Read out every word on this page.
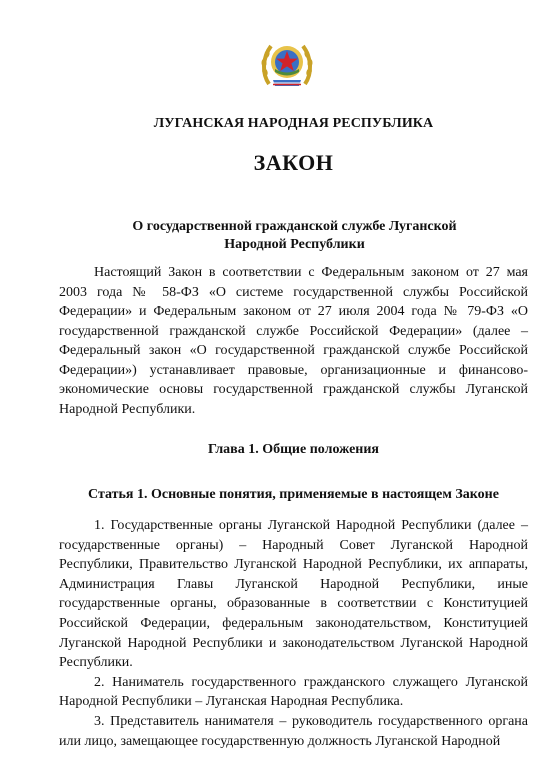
ЛУГАНСКАЯ НАРОДНАЯ РЕСПУБЛИКА
ЗАКОН
О государственной гражданской службе Луганской Народной Республики

Настоящий Закон в соответствии с Федеральным законом от 27 мая 2003 года № 58-ФЗ «О системе государственной службы Российской Федерации» и Федеральным законом от 27 июля 2004 года № 79-ФЗ «О государственной гражданской службе Российской Федерации» (далее – Федеральный закон «О государственной гражданской службе Российской Федерации») устанавливает правовые, организационные и финансово-экономические основы государственной гражданской службы Луганской Народной Республики.

Глава 1. Общие положения
Статья 1. Основные понятия, применяемые в настоящем Законе

1. Государственные органы Луганской Народной Республики (далее – государственные органы) – Народный Совет Луганской Народной Республики, Правительство Луганской Народной Республики, их аппараты, Администрация Главы Луганской Народной Республики, иные государственные органы, образованные в соответствии с Конституцией Российской Федерации, федеральным законодательством, Конституцией Луганской Народной Республики и законодательством Луганской Народной Республики.

2. Наниматель государственного гражданского служащего Луганской Народной Республики – Луганская Народная Республика.

3. Представитель нанимателя – руководитель государственного органа или лицо, замещающее государственную должность Луганской Народной
